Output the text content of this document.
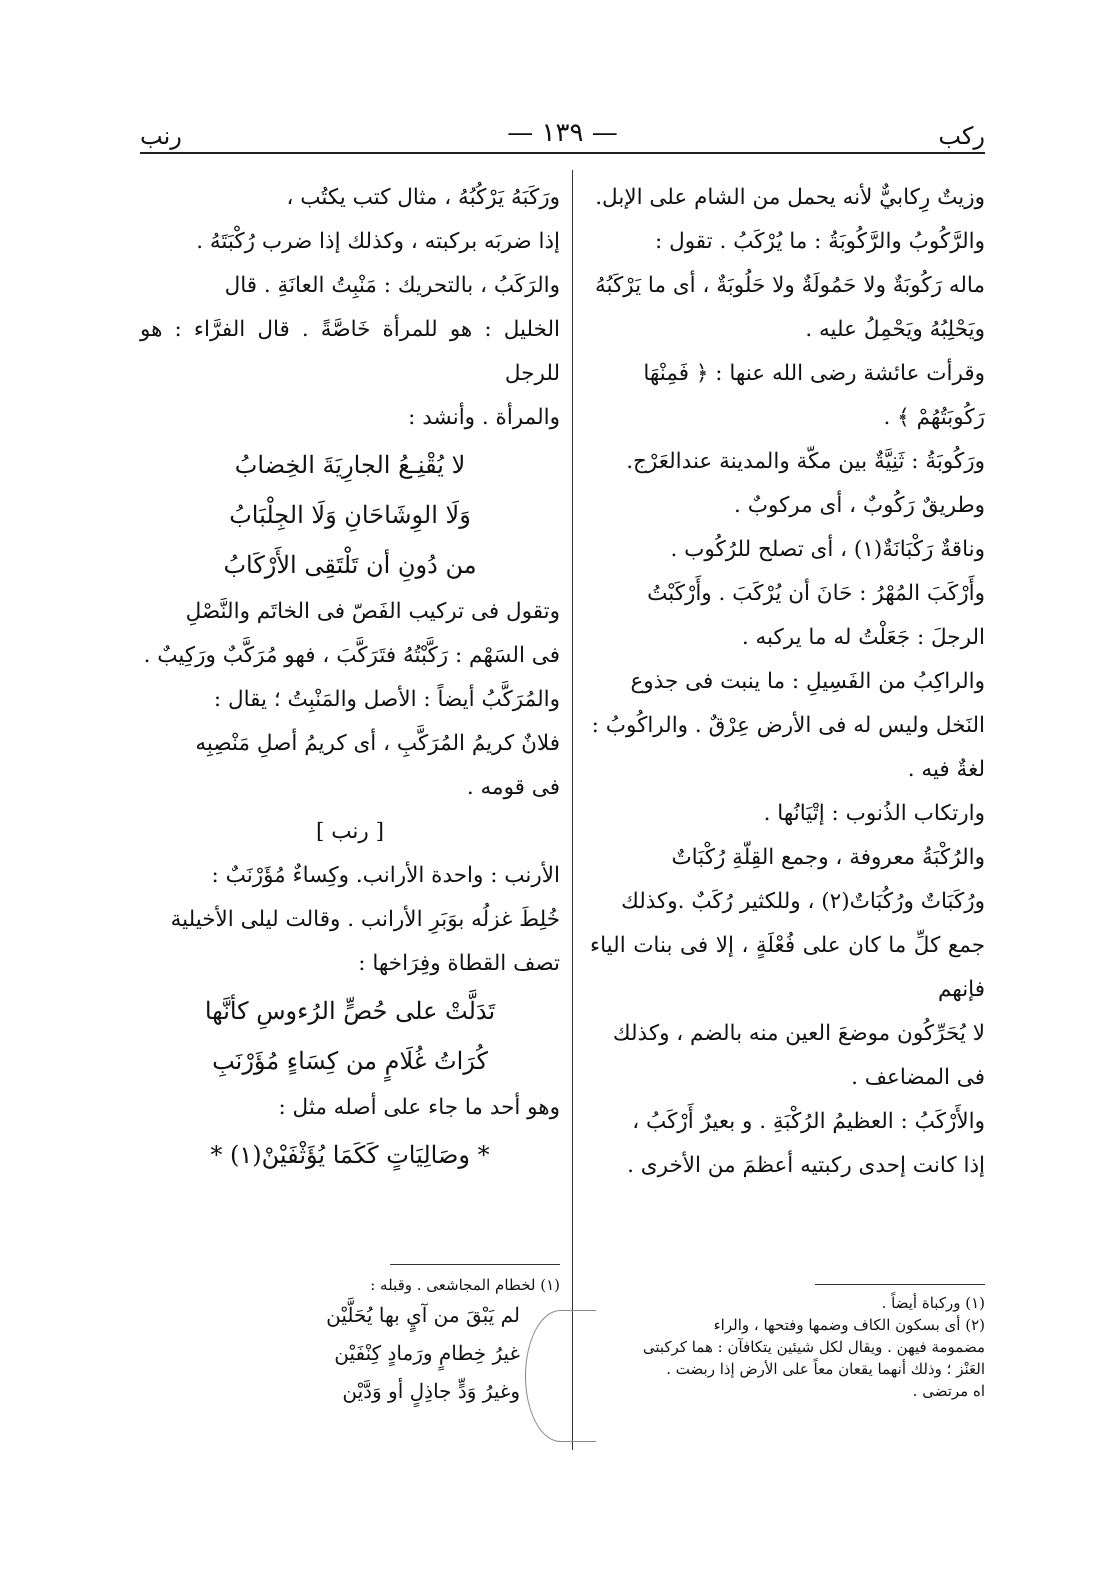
ركب
— ١٣٩ —
رنب

وزيتٌ رِكابيٌّ لأنه يحمل من الشام على الإبل.

والرَّكُوبُ والرَّكُوبَةُ : ما يُرْكَبُ . تقول :

ماله رَكُوبَةٌ ولا حَمُولَةٌ ولا حَلُوبَةٌ ، أى ما يَرْكَبُهُ

ويَحْلِبُهُ ويَحْمِلُ عليه .

وقرأت عائشة رضى الله عنها : ﴿ فَمِنْهَا

رَكُوبَتُهُمْ ﴾ .

ورَكُوبَةُ : ثَنِيَّةٌ بين مكّة والمدينة عندالعَرْج.

وطريقٌ رَكُوبٌ ، أى مركوبٌ .

وناقةٌ رَكْبَانَةٌ(١) ، أى تصلح للرُكُوب .

وأَرْكَبَ المُهْرُ : حَانَ أن يُرْكَبَ . وأَرْكَبْتُ

الرجلَ : جَعَلْتُ له ما يركبه .

والراكِبُ من الفَسِيلِ : ما ينبت فى جذوع

النَخل وليس له فى الأرض عِرْقٌ . والراكُوبُ :

لغةٌ فيه .

وارتكاب الذُنوب : إتْيَانُها .

والرُكْبَةُ معروفة ، وجمع القِلّةِ رُكْبَاتٌ

ورُكَبَاتٌ ورُكُبَاتٌ(٢) ، وللكثير رُكَبٌ .وكذلك

جمع كلِّ ما كان على فُعْلَةٍ ، إلا فى بنات الياء فإنهم

لا يُحَرِّكُون موضعَ العين منه بالضم ، وكذلك

فى المضاعف .

والأَرْكَبُ : العظيمُ الرُكْبَةِ . و بعيرٌ أَرْكَبُ ،

إذا كانت إحدى ركبتيه أعظمَ من الأخرى .

ورَكَبَهُ يَرْكُبُهُ ، مثال كتب يكتُب ،

إذا ضربَه بركبته ، وكذلك إذا ضرب رُكْبَتَهُ .

والرَكَبُ ، بالتحريك : مَنْبِتُ العانَةِ . قال

الخليل : هو للمرأة خَاصَّةً . قال الفرَّاء : هو للرجل

والمرأة . وأنشد :

لا يُقْنِـعُ الجارِيَةَ الخِضابُ
وَلَا الوِشَاحَانِ وَلَا الجِلْبَابُ
من دُونِ أن تَلْتَقِى الأَرْكَابُ

وتقول فى تركيب الفَصّ فى الخاتَم والنَّصْلِ

فى السَهْم : رَكَّبْتُهُ فتَرَكَّبَ ، فهو مُرَكَّبٌ ورَكِيبٌ .

والمُرَكَّبُ أيضاً : الأصل والمَنْبِتُ ؛ يقال :

فلانٌ كريمُ المُرَكَّبِ ، أى كريمُ أصلِ مَنْصِبِه

فى قومه .

[ رنب ]

الأرنب : واحدة الأرانب. وكِساءٌ مُؤَرْنَبٌ :

خُلِطَ غزلُه بوَبَرِ الأرانب . وقالت ليلى الأخيلية

تصف القطاة وفِرَاخها :

تَدَلَّتْ على حُصٍّ الرُءوسِ كأنَّها
كُرَاتُ غُلَامٍ من كِسَاءٍ مُؤَرْنَبِ

وهو أحد ما جاء على أصله مثل :

* وصَالِيَاتٍ كَكَمَا يُؤَثْفَيْنْ(١) *

(١) وركباة أيضاً .

(٢) أى بسكون الكاف وضمها وفتحها ، والراء

مضمومة فيهن . ويقال لكل شيئين يتكافآن : هما كركبتى

العَنْز ؛ وذلك أنهما يقعان معاً على الأرض إذا ربضت .

اه مرتضى .

(١) لخطام المجاشعى . وقبله :

لم يَبْقَ من آيٍ بها يُحَلَّيْن

غيرُ خِطامٍ ورَمادٍ كِنْفَيْن

وغيرُ وَدٍّ جاذِلٍ أو وَدَّيْن
